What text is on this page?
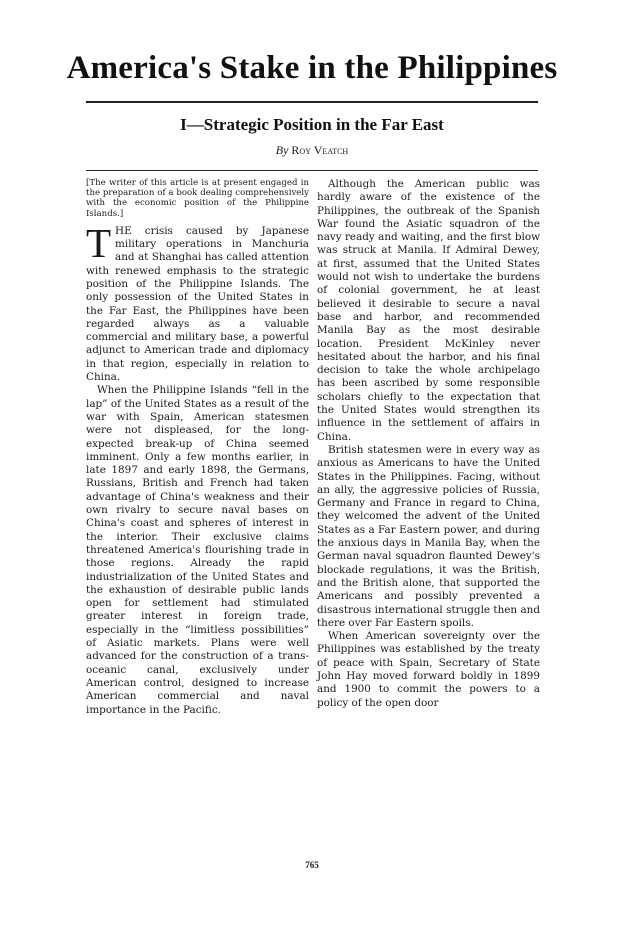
America's Stake in the Philippines
I—Strategic Position in the Far East
By Roy Veatch

[The writer of this article is at present engaged in the preparation of a book dealing comprehensively with the economic position of the Philippine Islands.]

THE crisis caused by Japanese military operations in Manchuria and at Shanghai has called attention with renewed emphasis to the strategic position of the Philippine Islands. The only possession of the United States in the Far East, the Philippines have been regarded always as a valuable commercial and military base, a powerful adjunct to American trade and diplomacy in that region, especially in relation to China.

When the Philippine Islands “fell in the lap” of the United States as a result of the war with Spain, American statesmen were not displeased, for the long-expected break-up of China seemed imminent. Only a few months earlier, in late 1897 and early 1898, the Germans, Russians, British and French had taken advantage of China's weakness and their own rivalry to secure naval bases on China's coast and spheres of interest in the interior. Their exclusive claims threatened America's flourishing trade in those regions. Already the rapid industrialization of the United States and the exhaustion of desirable public lands open for settlement had stimulated greater interest in foreign trade, especially in the “limitless possibilities” of Asiatic markets. Plans were well advanced for the construction of a trans-oceanic canal, exclusively under American control, designed to increase American commercial and naval importance in the Pacific.

Although the American public was hardly aware of the existence of the Philippines, the outbreak of the Spanish War found the Asiatic squadron of the navy ready and waiting, and the first blow was struck at Manila. If Admiral Dewey, at first, assumed that the United States would not wish to undertake the burdens of colonial government, he at least believed it desirable to secure a naval base and harbor, and recommended Manila Bay as the most desirable location. President McKinley never hesitated about the harbor, and his final decision to take the whole archipelago has been ascribed by some responsible scholars chiefly to the expectation that the United States would strengthen its influence in the settlement of affairs in China.

British statesmen were in every way as anxious as Americans to have the United States in the Philippines. Facing, without an ally, the aggressive policies of Russia, Germany and France in regard to China, they welcomed the advent of the United States as a Far Eastern power, and during the anxious days in Manila Bay, when the German naval squadron flaunted Dewey's blockade regulations, it was the British, and the British alone, that supported the Americans and possibly prevented a disastrous international struggle then and there over Far Eastern spoils.

When American sovereignty over the Philippines was established by the treaty of peace with Spain, Secretary of State John Hay moved forward boldly in 1899 and 1900 to commit the powers to a policy of the open door

765
